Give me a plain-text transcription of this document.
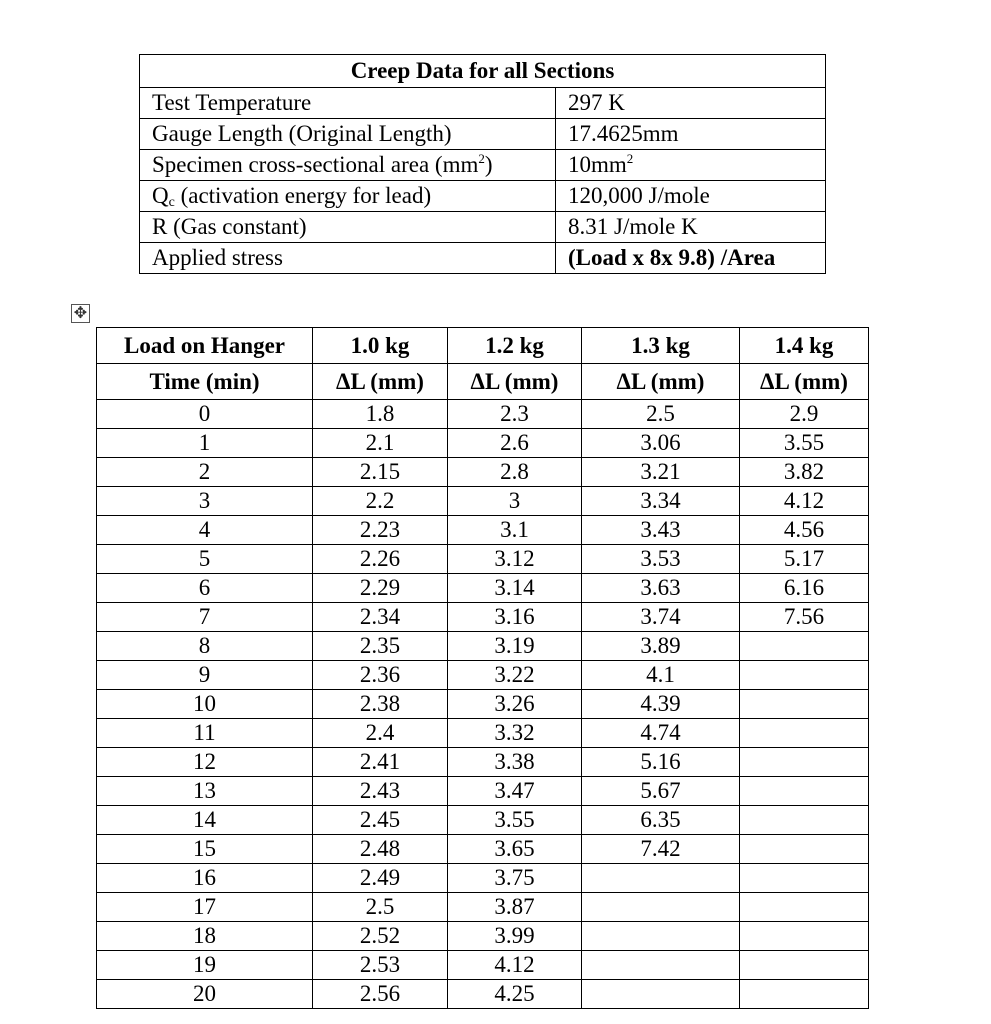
Creep Data for all Sections	
Test Temperature	297 K
Gauge Length (Original Length)	17.4625mm
Specimen cross-sectional area $(mm^2)$	$10mm^2$
$Q_c$ (activation energy for lead)	120,000 J/mole
R (Gas constant)	8.31 J/mole K
Applied stress	(Load x 8x 9.8) /Area
✥
Load on Hanger	1.0 kg	1.2 kg	1.3 kg	1.4 kg
Time (min)	ΔL (mm)	ΔL (mm)	ΔL (mm)	ΔL (mm)
0	1.8	2.3	2.5	2.9
1	2.1	2.6	3.06	3.55
2	2.15	2.8	3.21	3.82
3	2.2	3	3.34	4.12
4	2.23	3.1	3.43	4.56
5	2.26	3.12	3.53	5.17
6	2.29	3.14	3.63	6.16
7	2.34	3.16	3.74	7.56
8	2.35	3.19	3.89	
9	2.36	3.22	4.1	
10	2.38	3.26	4.39	
11	2.4	3.32	4.74	
12	2.41	3.38	5.16	
13	2.43	3.47	5.67	
14	2.45	3.55	6.35	
15	2.48	3.65	7.42	
16	2.49	3.75		
17	2.5	3.87		
18	2.52	3.99		
19	2.53	4.12		
20	2.56	4.25		
